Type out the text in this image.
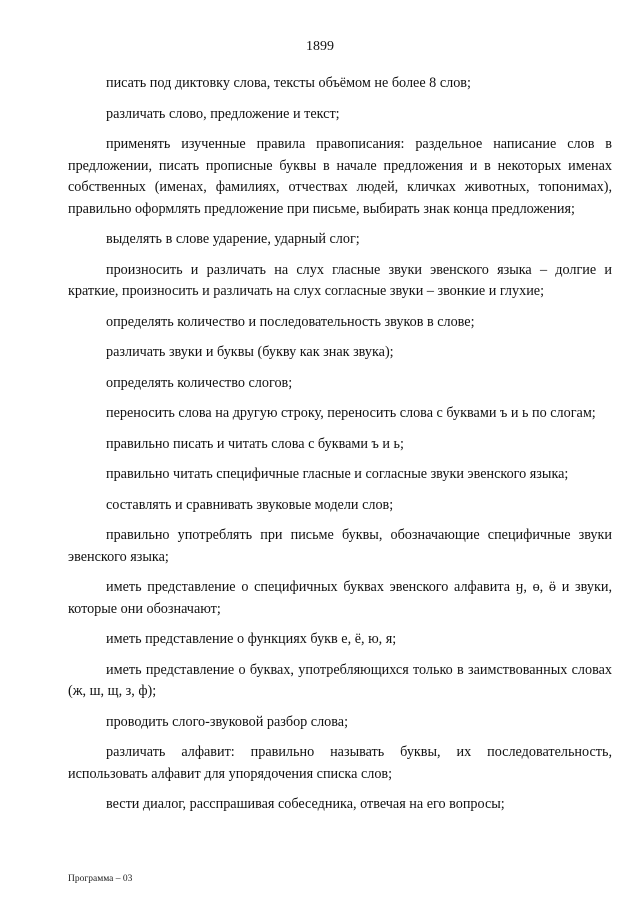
1899

писать под диктовку слова, тексты объёмом не более 8 слов;

различать слово, предложение и текст;

применять изученные правила правописания: раздельное написание слов в предложении, писать прописные буквы в начале предложения и в некоторых именах собственных (именах, фамилиях, отчествах людей, кличках животных, топонимах), правильно оформлять предложение при письме, выбирать знак конца предложения;

выделять в слове ударение, ударный слог;

произносить и различать на слух гласные звуки эвенского языка – долгие и краткие, произносить и различать на слух согласные звуки – звонкие и глухие;

определять количество и последовательность звуков в слове;

различать звуки и буквы (букву как знак звука);

определять количество слогов;

переносить слова на другую строку, переносить слова с буквами ъ и ь по слогам;

правильно писать и читать слова с буквами ъ и ь;

правильно читать специфичные гласные и согласные звуки эвенского языка;

составлять и сравнивать звуковые модели слов;

правильно употреблять при письме буквы, обозначающие специфичные звуки эвенского языка;

иметь представление о специфичных буквах эвенского алфавита ӈ, ө, ӫ и звуки, которые они обозначают;

иметь представление о функциях букв е, ё, ю, я;

иметь представление о буквах, употребляющихся только в заимствованных словах (ж, ш, щ, з, ф);

проводить слого-звуковой разбор слова;

различать алфавит: правильно называть буквы, их последовательность, использовать алфавит для упорядочения списка слов;

вести диалог, расспрашивая собеседника, отвечая на его вопросы;

Программа – 03
